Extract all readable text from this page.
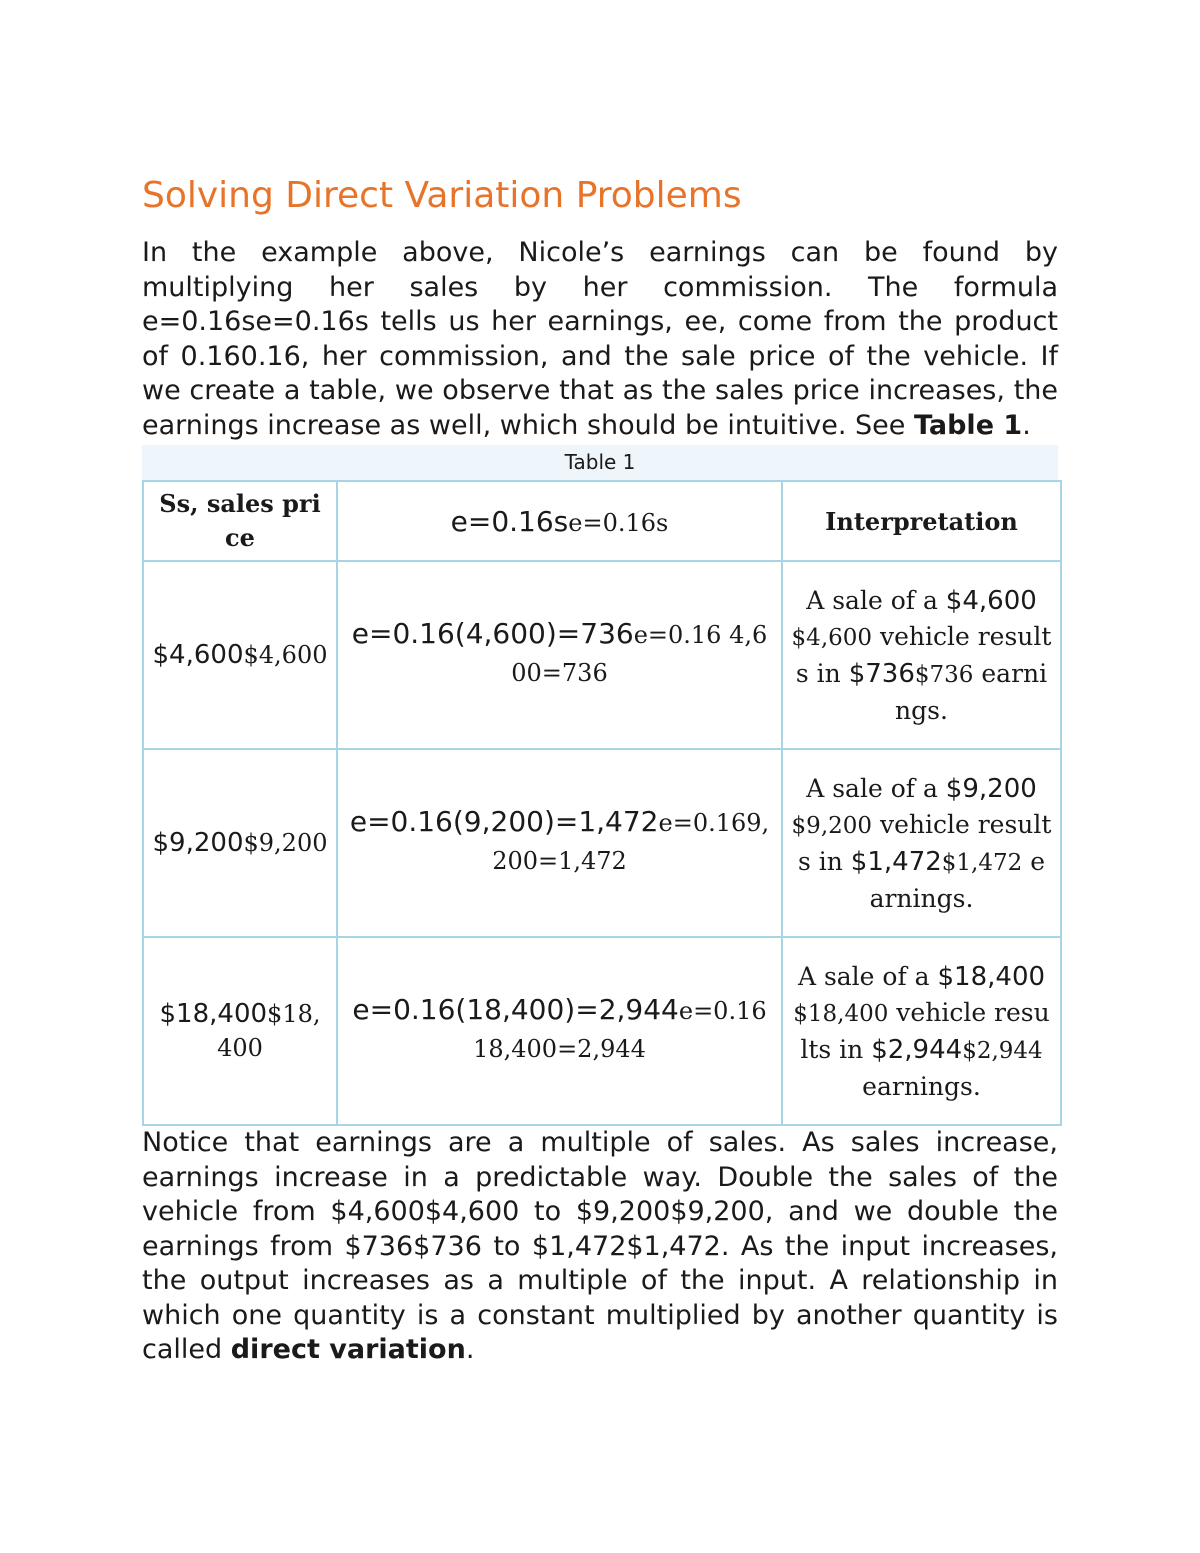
Solving Direct Variation Problems

In the example above, Nicole’s earnings can be found by multiplying her sales by her commission. The formula e=0.16se=0.16s tells us her earnings, ee, come from the product of 0.160.16, her commission, and the sale price of the vehicle. If we create a table, we observe that as the sales price increases, the earnings increase as well, which should be intuitive. See Table 1.

Table 1
Ss, sales price	e=0.16se=0.16s	Interpretation
$4,600$4,600	e=0.16(4,600)=736e=0.16 4,600=736	A sale of a $4,600$4,600 vehicle results in $736$736 earnings.
$9,200$9,200	e=0.16(9,200)=1,472e=0.169,200=1,472	A sale of a $9,200$9,200 vehicle results in $1,472$1,472 earnings.
$18,400$18,400	e=0.16(18,400)=2,944e=0.1618,400=2,944	A sale of a $18,400$18,400 vehicle results in $2,944$2,944 earnings.

Notice that earnings are a multiple of sales. As sales increase, earnings increase in a predictable way. Double the sales of the vehicle from $4,600$4,600 to $9,200$9,200, and we double the earnings from $736$736 to $1,472$1,472. As the input increases, the output increases as a multiple of the input. A relationship in which one quantity is a constant multiplied by another quantity is called direct variation.
